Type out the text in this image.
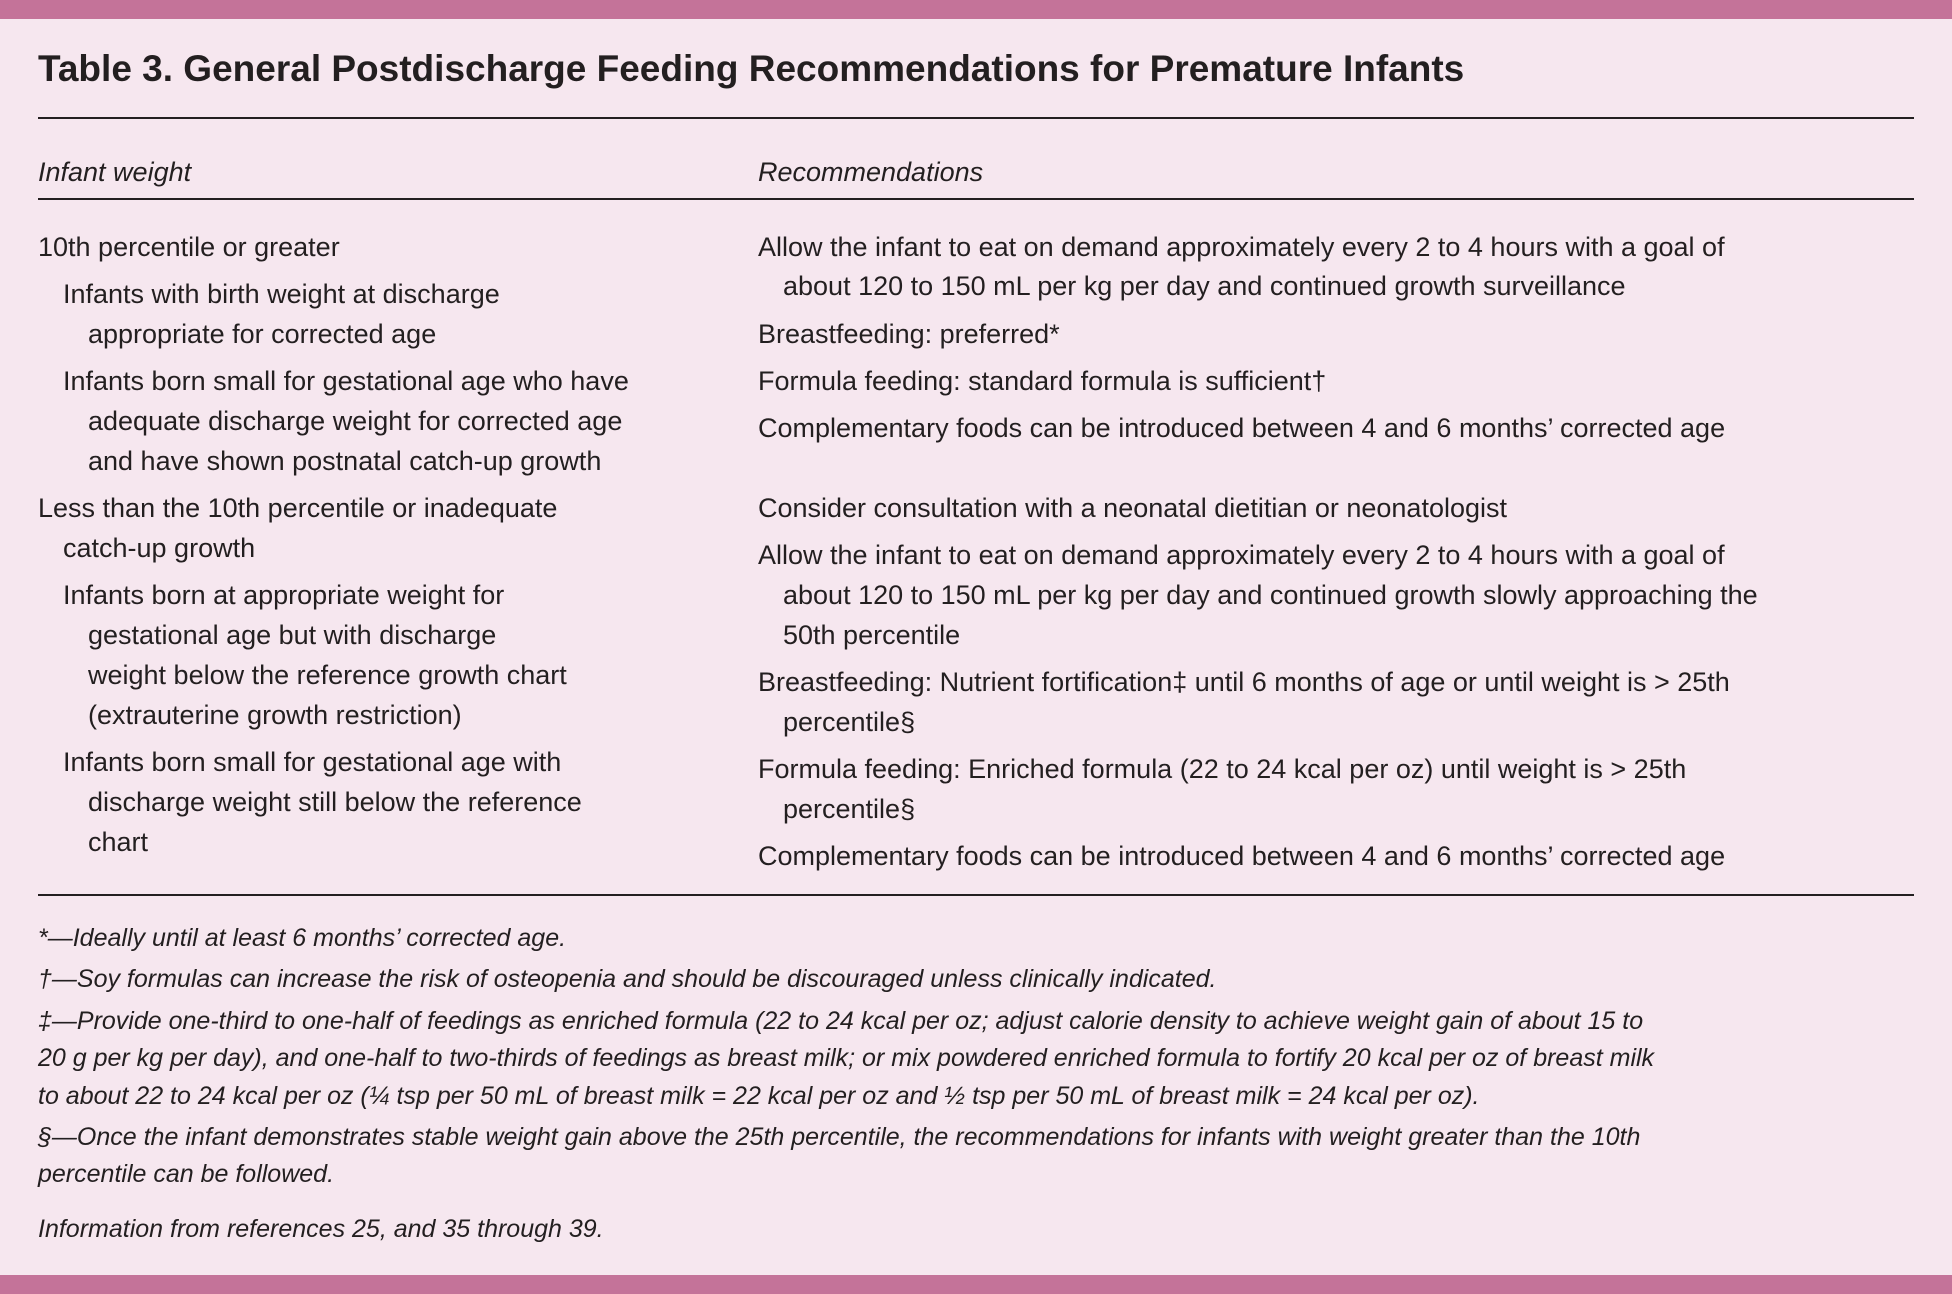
Table 3. General Postdischarge Feeding Recommendations for Premature Infants
Infant weight	Recommendations
10th percentile or greater
Infants with birth weight at discharge
appropriate for corrected age
Infants born small for gestational age who have
adequate discharge weight for corrected age
and have shown postnatal catch-up growth
Less than the 10th percentile or inadequate
catch-up growth
Infants born at appropriate weight for
gestational age but with discharge
weight below the reference growth chart
(extrauterine growth restriction)
Infants born small for gestational age with
discharge weight still below the reference
chart
Allow the infant to eat on demand approximately every 2 to 4 hours with a goal of
about 120 to 150 mL per kg per day and continued growth surveillance
Breastfeeding: preferred*
Formula feeding: standard formula is sufficient†
Complementary foods can be introduced between 4 and 6 months’ corrected age
Consider consultation with a neonatal dietitian or neonatologist
Allow the infant to eat on demand approximately every 2 to 4 hours with a goal of
about 120 to 150 mL per kg per day and continued growth slowly approaching the
50th percentile
Breastfeeding: Nutrient fortification‡ until 6 months of age or until weight is > 25th
percentile§
Formula feeding: Enriched formula (22 to 24 kcal per oz) until weight is > 25th
percentile§
Complementary foods can be introduced between 4 and 6 months’ corrected age
*—Ideally until at least 6 months’ corrected age.
†—Soy formulas can increase the risk of osteopenia and should be discouraged unless clinically indicated.
‡—Provide one-third to one-half of feedings as enriched formula (22 to 24 kcal per oz; adjust calorie density to achieve weight gain of about 15 to
20 g per kg per day), and one-half to two-thirds of feedings as breast milk; or mix powdered enriched formula to fortify 20 kcal per oz of breast milk
to about 22 to 24 kcal per oz (¼ tsp per 50 mL of breast milk = 22 kcal per oz and ½ tsp per 50 mL of breast milk = 24 kcal per oz).
§—Once the infant demonstrates stable weight gain above the 25th percentile, the recommendations for infants with weight greater than the 10th
percentile can be followed.
Information from references 25, and 35 through 39.
